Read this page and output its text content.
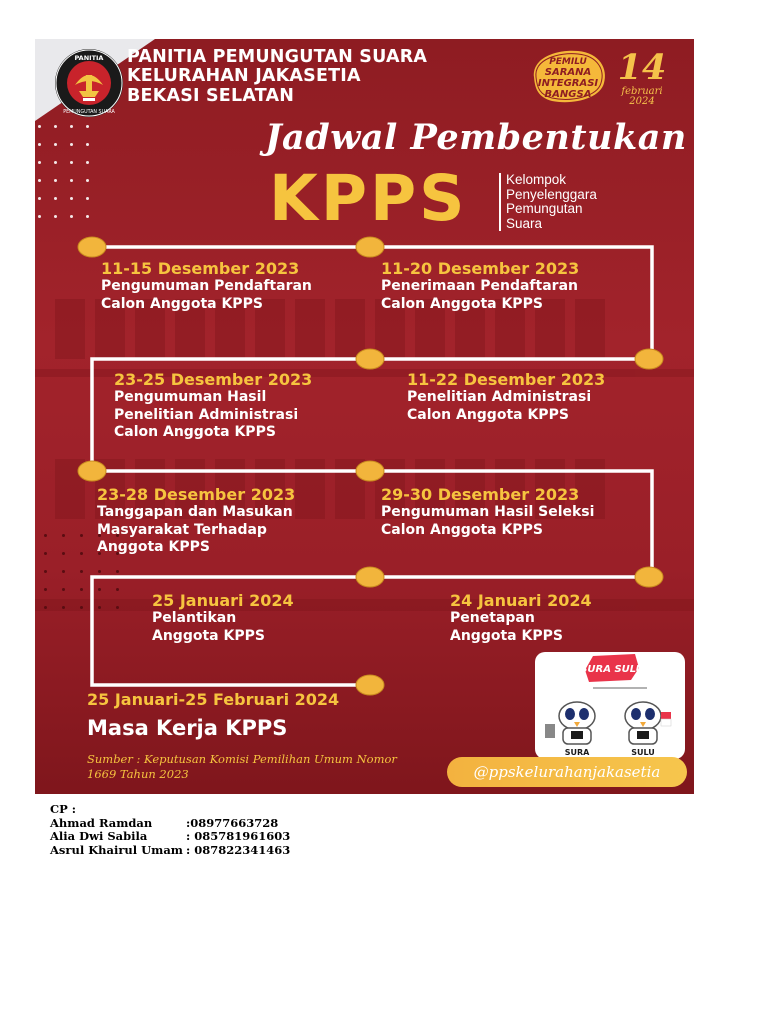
PANITIA
PEMUNGUTAN SUARA
PANITIA PEMUNGUTAN SUARA
KELURAHAN JAKASETIA
BEKASI SELATAN
PEMILU
SARANA
INTEGRASI
BANGSA
14
februari
2024
Jadwal Pembentukan
KPPS	Kelompok
Penyelenggara
Pemungutan
Suara
11-15 Desember 2023
Pengumuman Pendaftaran
Calon Anggota KPPS
11-20 Desember 2023
Penerimaan Pendaftaran
Calon Anggota KPPS
23-25 Desember 2023
Pengumuman Hasil
Penelitian Administrasi
Calon Anggota KPPS
11-22 Desember 2023
Penelitian Administrasi
Calon Anggota KPPS
23-28 Desember 2023
Tanggapan dan Masukan
Masyarakat Terhadap
Anggota KPPS
29-30 Desember 2023
Pengumuman Hasil Seleksi
Calon Anggota KPPS
25 Januari 2024
Pelantikan
Anggota KPPS
24 Januari 2024
Penetapan
Anggota KPPS
25 Januari-25 Februari 2024
Masa Kerja KPPS
Sumber : Keputusan Komisi Pemilihan Umum Nomor
1669 Tahun 2023
SURA SULU
SURA	SULU
@ppskelurahanjakasetia
CP :
Ahmad Ramdan	:08977663728
Alia Dwi Sabila	: 085781961603
Asrul Khairul Umam : 087822341463
